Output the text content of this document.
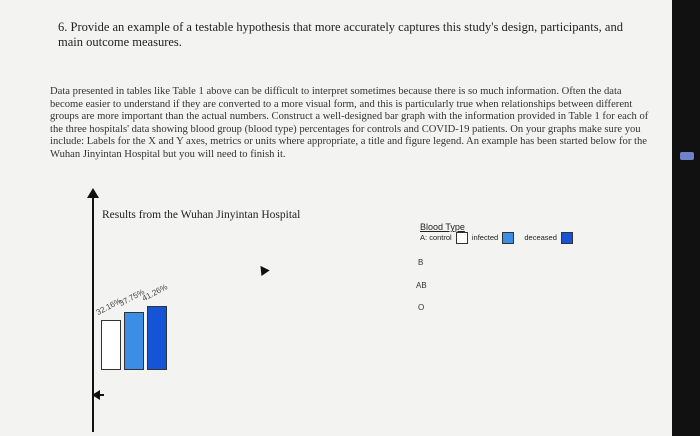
6. Provide an example of a testable hypothesis that more accurately captures this study's design, participants, and main outcome measures.
Data presented in tables like Table 1 above can be difficult to interpret sometimes because there is so much information. Often the data become easier to understand if they are converted to a more visual form, and this is particularly true when relationships between different groups are more important than the actual numbers. Construct a well-designed bar graph with the information provided in Table 1 for each of the three hospitals' data showing blood group (blood type) percentages for controls and COVID-19 patients. On your graphs make sure you include: Labels for the X and Y axes, metrics or units where appropriate, a title and figure legend. An example has been started below for the Wuhan Jinyintan Hospital but you will need to finish it.
Results from the Wuhan Jinyintan Hospital
32.16%
37.75%
41.26%
Blood Type
A: control	infected	deceased
B
AB
O
